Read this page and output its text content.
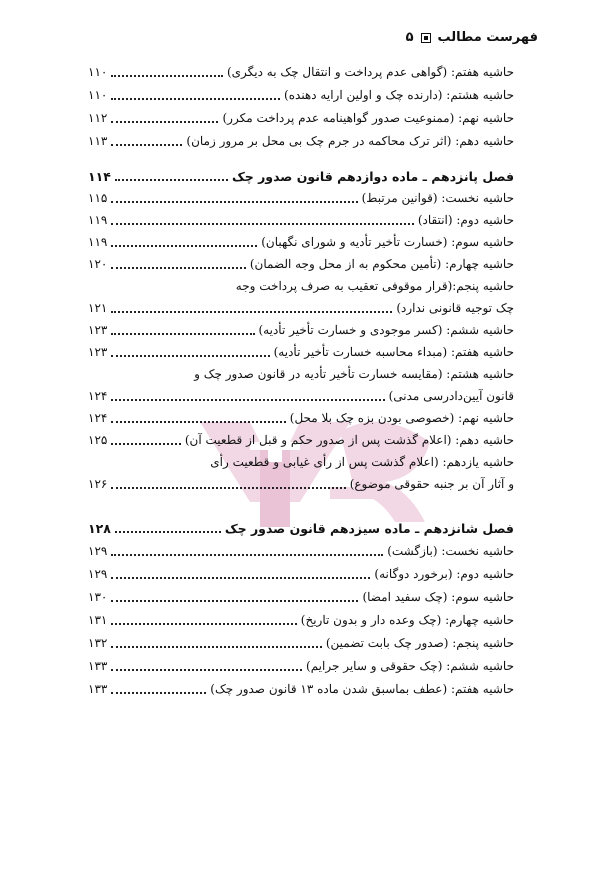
فهرست مطالب
۵
حاشیه هفتم: (گواهی عدم پرداخت و انتقال چک به دیگری)
۱۱۰
حاشیه هشتم: (دارنده چک و اولین ارایه دهنده)
۱۱۰
حاشیه نهم: (ممنوعیت صدور گواهینامه عدم پرداخت مکرر)
۱۱۲
حاشیه دهم: (اثر ترک محاکمه در جرم چک بی محل بر مرور زمان)
۱۱۳
فصل پانزدهم ـ ماده دوازدهم قانون صدور چک
۱۱۴
حاشیه نخست: (قوانین مرتبط)
۱۱۵
حاشیه دوم: (انتقاد)
۱۱۹
حاشیه سوم: (خسارت تأخیر تأدیه و شورای نگهبان)
۱۱۹
حاشیه چهارم: (تأمین محکوم به از محل وجه الضمان)
۱۲۰
حاشیه پنجم:(قرار موقوفی تعقیب به صرف پرداخت وجه
چک توجیه قانونی ندارد)
۱۲۱
حاشیه ششم: (کسر موجودی و خسارت تأخیر تأدیه)
۱۲۳
حاشیه هفتم: (مبداء محاسبه خسارت تأخیر تأدیه)
۱۲۳
حاشیه هشتم: (مقایسه خسارت تأخیر تأدیه در قانون صدور چک و
قانون آیین‌دادرسی مدنی)
۱۲۴
حاشیه نهم: (خصوصی بودن بزه چک بلا محل)
۱۲۴
حاشیه دهم: (اعلام گذشت پس از صدور حکم و قبل از قطعیت آن)
۱۲۵
حاشیه یازدهم: (اعلام گذشت پس از رأی غیابی و قطعیت رأی
و آثار آن بر جنبه حقوقی موضوع)
۱۲۶
فصل شانزدهم ـ ماده سیزدهم قانون صدور چک
۱۲۸
حاشیه نخست: (بازگشت)
۱۲۹
حاشیه دوم: (برخورد دوگانه)
۱۲۹
حاشیه سوم: (چک سفید امضا)
۱۳۰
حاشیه چهارم: (چک وعده دار و بدون تاریخ)
۱۳۱
حاشیه پنجم: (صدور چک بابت تضمین)
۱۳۲
حاشیه ششم: (چک حقوقی و سایر جرایم)
۱۳۳
حاشیه هفتم: (عطف بماسبق شدن ماده ۱۳ قانون صدور چک)
۱۳۳
